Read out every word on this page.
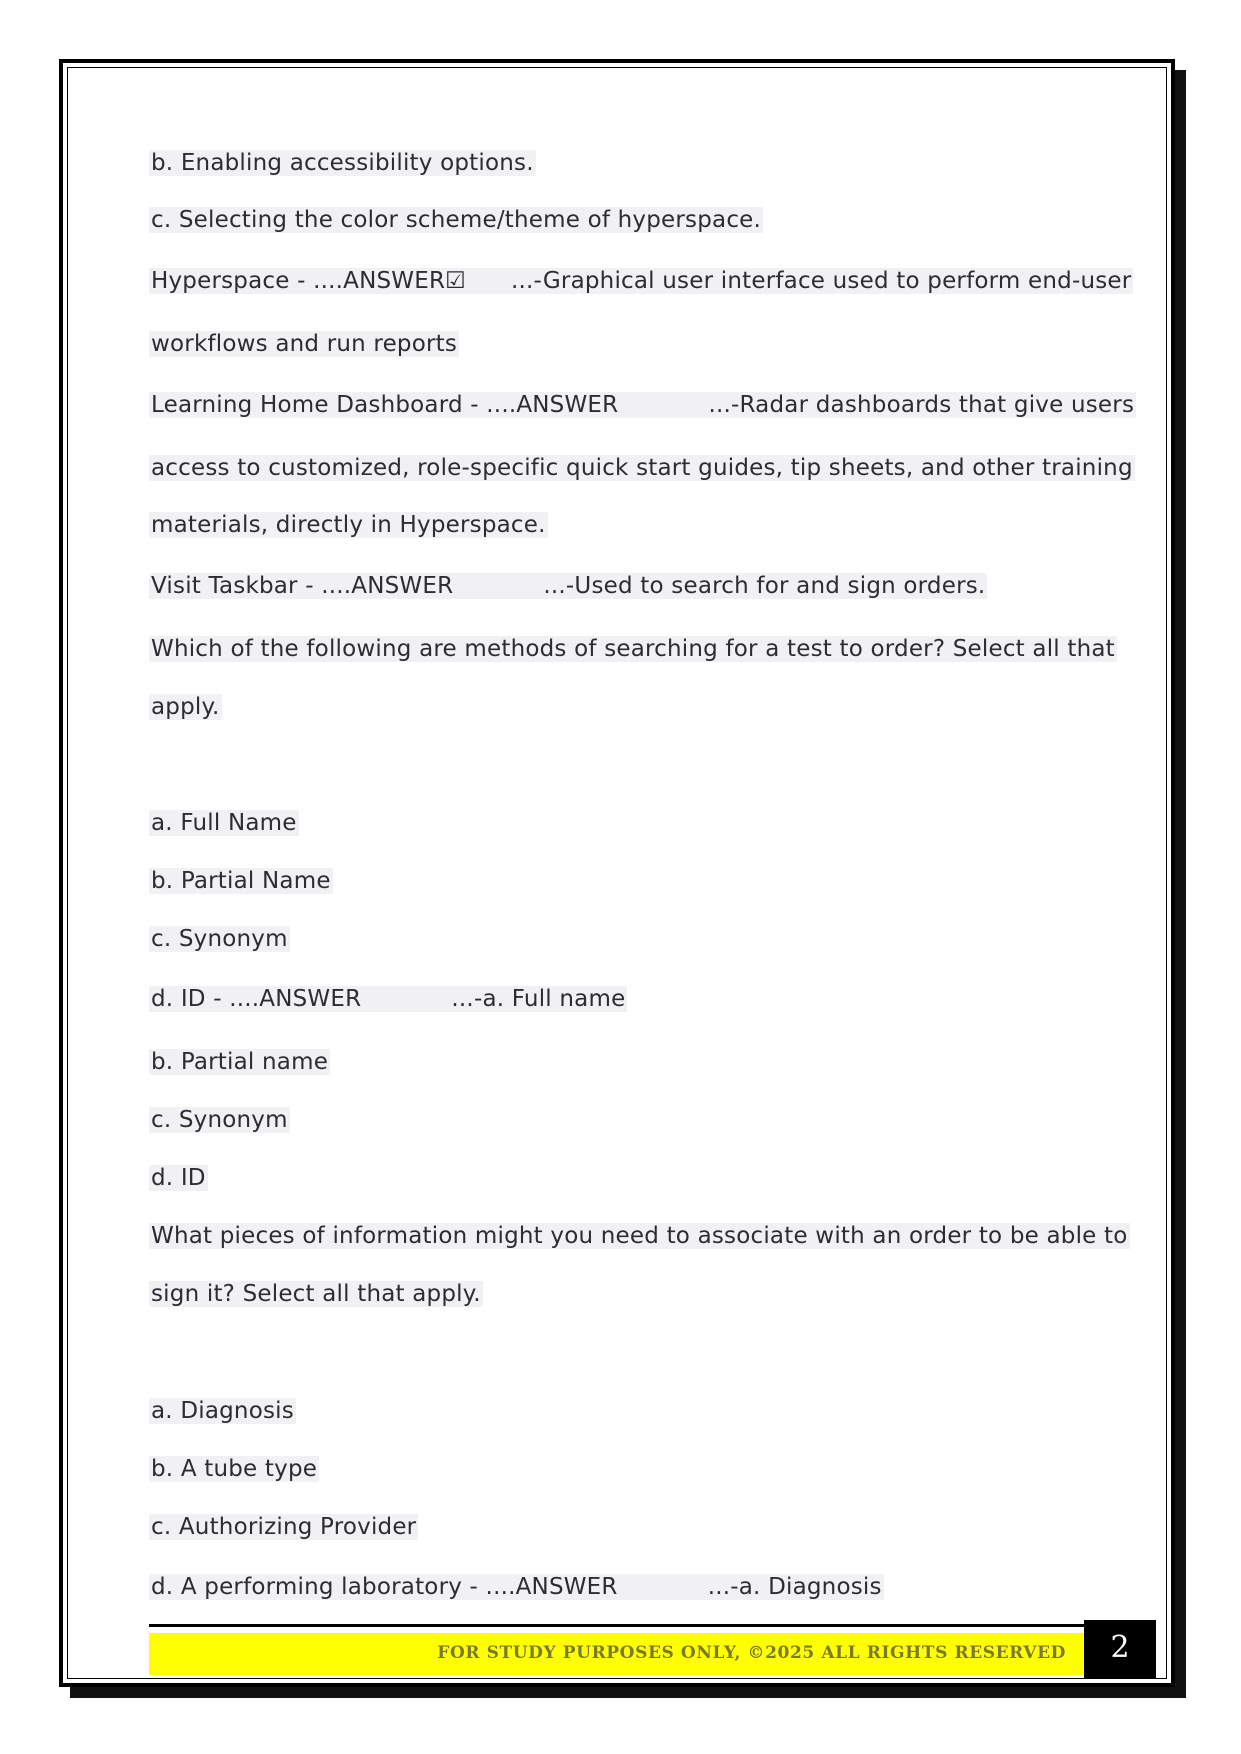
b. Enabling accessibility options.
c. Selecting the color scheme/theme of hyperspace.
Hyperspace - ....ANSWER☑      ...-Graphical user interface used to perform end-user
workflows and run reports
Learning Home Dashboard - ....ANSWER            ...-Radar dashboards that give users
access to customized, role-specific quick start guides, tip sheets, and other training
materials, directly in Hyperspace.
Visit Taskbar - ....ANSWER            ...-Used to search for and sign orders.
Which of the following are methods of searching for a test to order? Select all that
apply.
a. Full Name
b. Partial Name
c. Synonym
d. ID - ....ANSWER            ...-a. Full name
b. Partial name
c. Synonym
d. ID
What pieces of information might you need to associate with an order to be able to
sign it? Select all that apply.
a. Diagnosis
b. A tube type
c. Authorizing Provider
d. A performing laboratory - ....ANSWER            ...-a. Diagnosis
FOR STUDY PURPOSES ONLY, ©2025 ALL RIGHTS RESERVED	2
